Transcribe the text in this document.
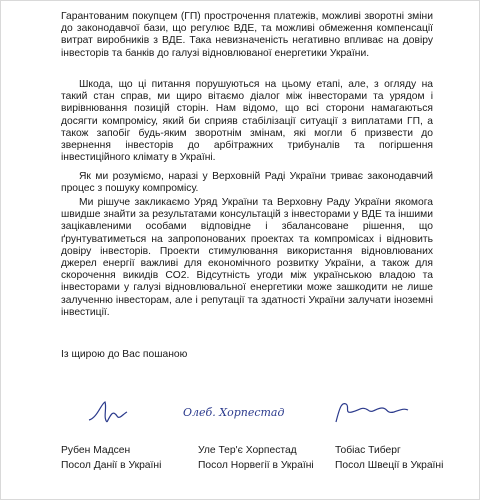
Гарантованим покупцем (ГП) прострочення платежів, можливі зворотні зміни до законодавчої бази, що регулює ВДЕ, та можливі обмеження компенсації витрат виробників з ВДЕ. Така невизначеність негативно впливає на довіру інвесторів та банків до галузі відновлюваної енергетики України.

Шкода, що ці питання порушуються на цьому етапі, але, з огляду на такий стан справ, ми щиро вітаємо діалог між інвесторами та урядом і вирівнювання позицій сторін. Нам відомо, що всі сторони намагаються досягти компромісу, який би сприяв стабілізації ситуації з виплатами ГП, а також запобіг будь-яким зворотнім змінам, які могли б призвести до звернення інвесторів до арбітражних трибуналів та погіршення інвестиційного клімату в Україні.

Як ми розуміємо, наразі у Верховній Раді України триває законодавчий процес з пошуку компромісу.

Ми рішуче закликаємо Уряд України та Верховну Раду України якомога швидше знайти за результатами консультацій з інвесторами у ВДЕ та іншими зацікавленими особами відповідне і збалансоване рішення, що ґрунтуватиметься на запропонованих проектах та компромісах і відновить довіру інвесторів. Проекти стимулювання використання відновлюваних джерел енергії важливі для економічного розвитку України, а також для скорочення викидів CO2. Відсутність угоди між українською владою та інвесторами у галузі відновлювальної енергетики може зашкодити не лише залученню інвесторам, але і репутації та здатності України залучати іноземні інвестиції.

Із щирою до Вас пошаною

Олеб. Хорпестад
Рубен Мадсен
Посол Данії в Україні
Уле Тер'є Хорпестад
Посол Норвегії в Україні
Тобіас Тиберг
Посол Швеції в Україні
